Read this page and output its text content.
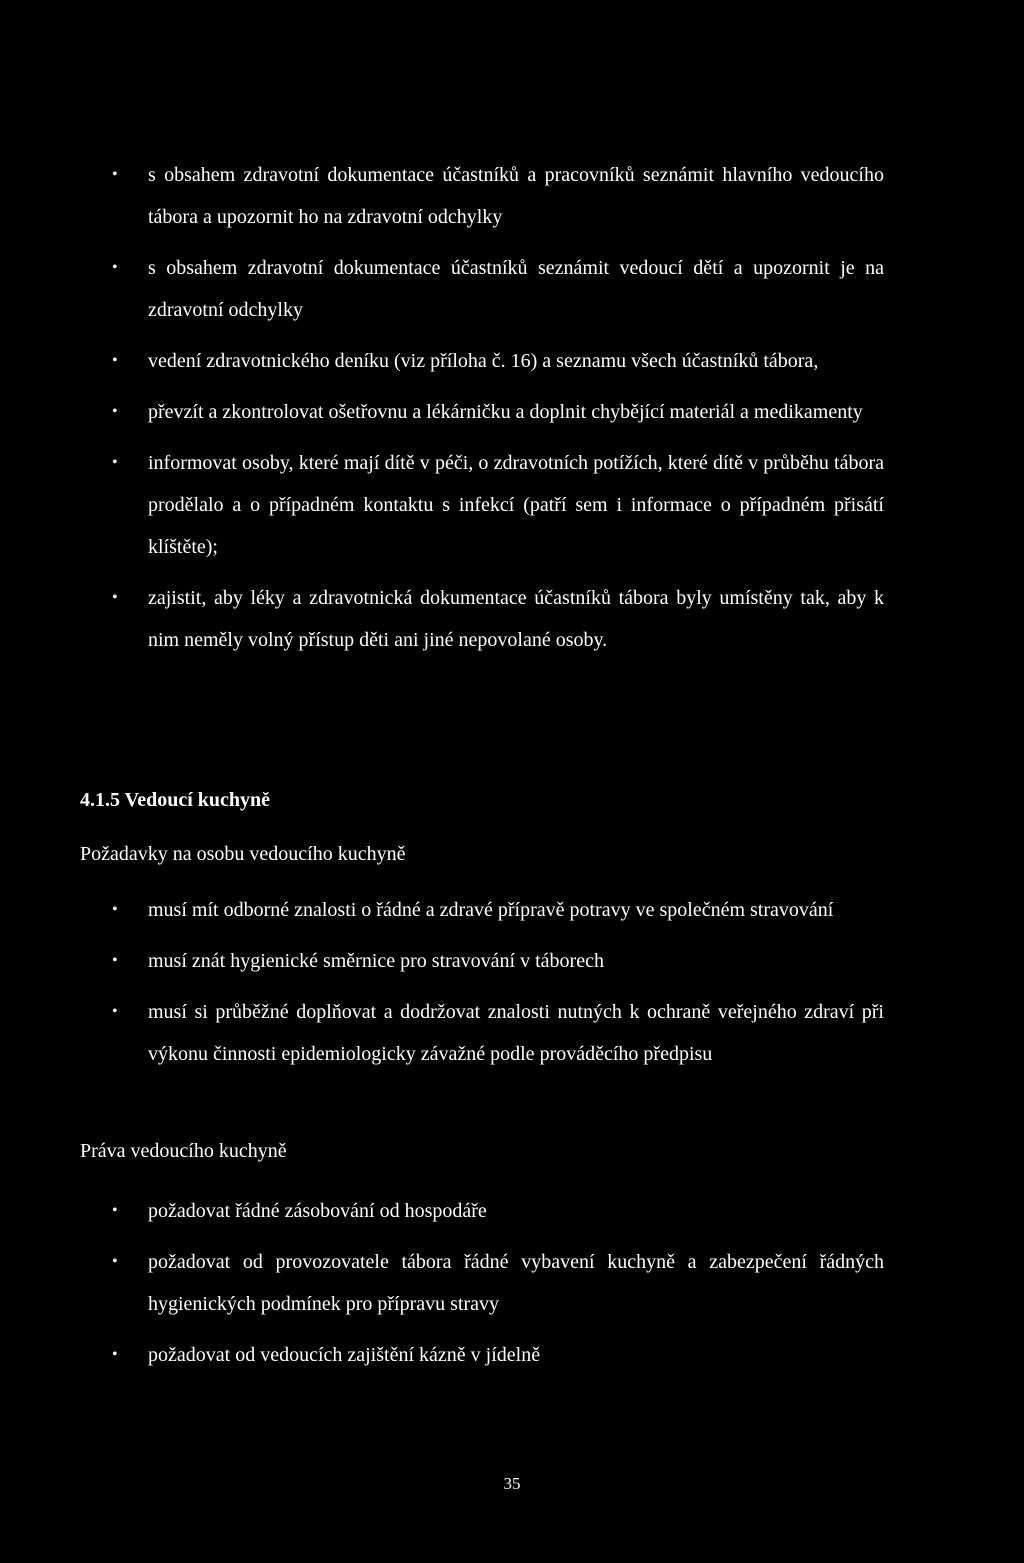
• s obsahem zdravotní dokumentace účastníků a pracovníků seznámit hlavního vedoucího tábora a upozornit ho na zdravotní odchylky
• s obsahem zdravotní dokumentace účastníků seznámit vedoucí dětí a upozornit je na zdravotní odchylky
• vedení zdravotnického deníku (viz příloha č. 16) a seznamu všech účastníků tábora,
• převzít a zkontrolovat ošetřovnu a lékárničku a doplnit chybějící materiál a medikamenty
• informovat osoby, které mají dítě v péči, o zdravotních potížích, které dítě v průběhu tábora prodělalo a o případném kontaktu s infekcí (patří sem i informace o případném přisátí klíštěte);
• zajistit, aby léky a zdravotnická dokumentace účastníků tábora byly umístěny tak, aby k nim neměly volný přístup děti ani jiné nepovolané osoby.
4.1.5 Vedoucí kuchyně
Požadavky na osobu vedoucího kuchyně
• musí mít odborné znalosti o řádné a zdravé přípravě potravy ve společném stravování
• musí znát hygienické směrnice pro stravování v táborech
• musí si průběžné doplňovat a dodržovat znalosti nutných k ochraně veřejného zdraví při výkonu činnosti epidemiologicky závažné podle prováděcího předpisu
Práva vedoucího kuchyně
• požadovat řádné zásobování od hospodáře
• požadovat od provozovatele tábora řádné vybavení kuchyně a zabezpečení řádných hygienických podmínek pro přípravu stravy
• požadovat od vedoucích zajištění kázně v jídelně
35
